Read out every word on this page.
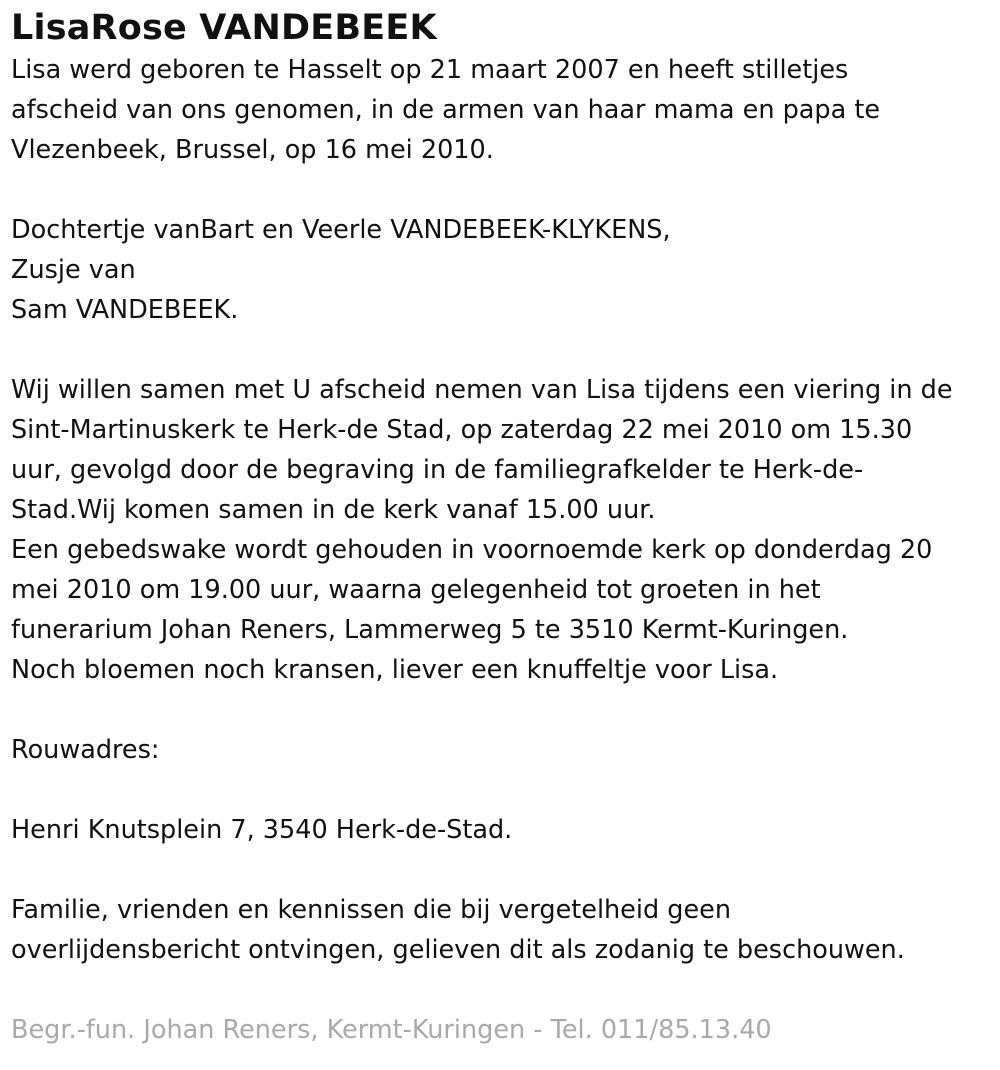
LisaRose VANDEBEEK
Lisa werd geboren te Hasselt op 21 maart 2007 en heeft stilletjes
afscheid van ons genomen, in de armen van haar mama en papa te
Vlezenbeek, Brussel, op 16 mei 2010.
Dochtertje vanBart en Veerle VANDEBEEK-KLYKENS,
Zusje van
Sam VANDEBEEK.
Wij willen samen met U afscheid nemen van Lisa tijdens een viering in de
Sint-Martinuskerk te Herk-de Stad, op zaterdag 22 mei 2010 om 15.30
uur, gevolgd door de begraving in de familiegrafkelder te Herk-de-
Stad.Wij komen samen in de kerk vanaf 15.00 uur.
Een gebedswake wordt gehouden in voornoemde kerk op donderdag 20
mei 2010 om 19.00 uur, waarna gelegenheid tot groeten in het
funerarium Johan Reners, Lammerweg 5 te 3510 Kermt-Kuringen.
Noch bloemen noch kransen, liever een knuffeltje voor Lisa.
Rouwadres:
Henri Knutsplein 7, 3540 Herk-de-Stad.
Familie, vrienden en kennissen die bij vergetelheid geen
overlijdensbericht ontvingen, gelieven dit als zodanig te beschouwen.
Begr.-fun. Johan Reners, Kermt-Kuringen - Tel. 011/85.13.40
